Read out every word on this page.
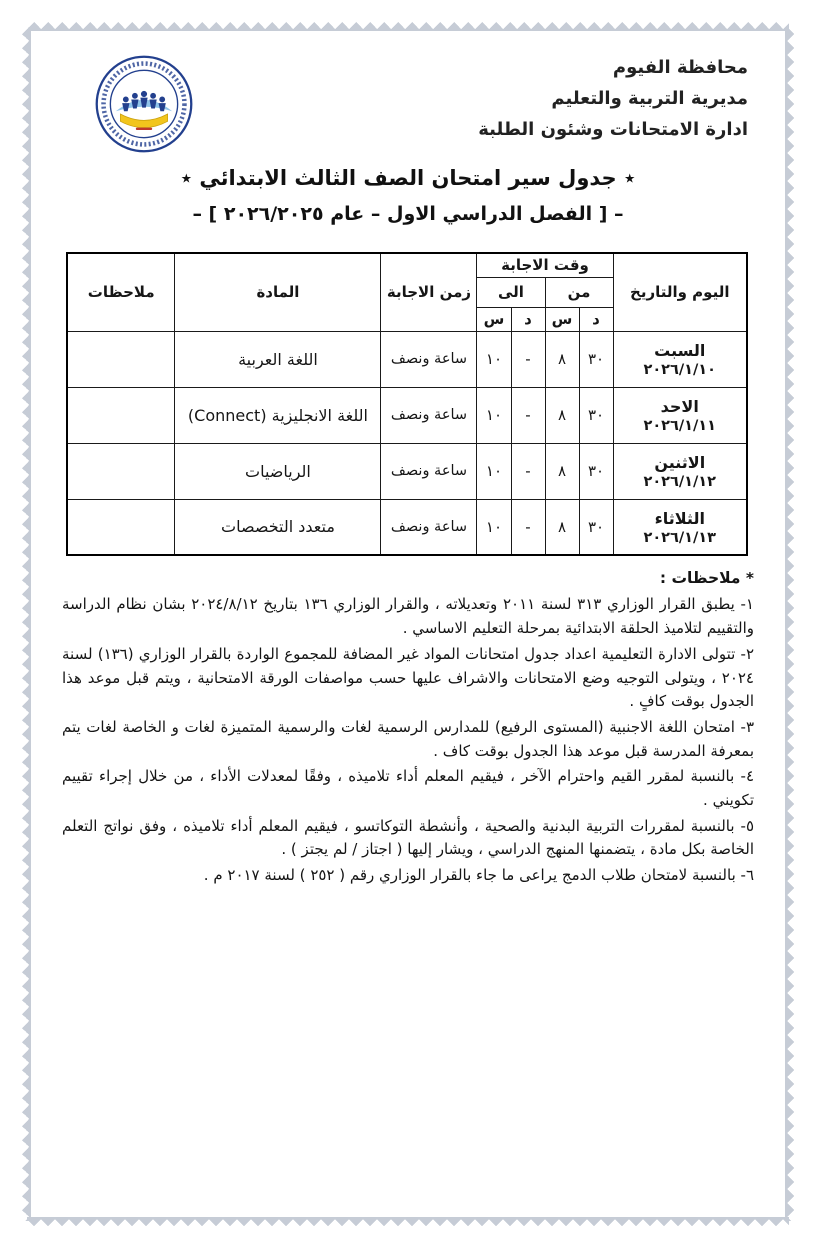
محافظة الفيوم
مديرية التربية والتعليم
ادارة الامتحانات وشئون الطلبة
٭ جدول سير امتحان الصف الثالث الابتدائي ٭
– [ الفصل الدراسي الاول – عام ٢٠٢٦/٢٠٢٥ ] –
اليوم والتاريخ	وقت الاجابة				زمن الاجابة	المادة	ملاحظات
	من		الى				
	د	س	د	س			

السبت
٢٠٢٦/١/١٠	٣٠	٨	-	١٠	ساعة ونصف	اللغة العربية	

الاحد
٢٠٢٦/١/١١	٣٠	٨	-	١٠	ساعة ونصف	اللغة الانجليزية (Connect)	

الاثنين
٢٠٢٦/١/١٢	٣٠	٨	-	١٠	ساعة ونصف	الرياضيات	

الثلاثاء
٢٠٢٦/١/١٣	٣٠	٨	-	١٠	ساعة ونصف	متعدد التخصصات	
* ملاحظات :

١- يطبق القرار الوزاري ٣١٣ لسنة ٢٠١١ وتعديلاته ، والقرار الوزاري ١٣٦ بتاريخ ٢٠٢٤/٨/١٢ بشان نظام الدراسة والتقييم لتلاميذ الحلقة الابتدائية بمرحلة التعليم الاساسي .

٢- تتولى الادارة التعليمية اعداد جدول امتحانات المواد غير المضافة للمجموع الواردة بالقرار الوزاري (١٣٦) لسنة ٢٠٢٤ ، ويتولى التوجيه وضع الامتحانات والاشراف عليها حسب مواصفات الورقة الامتحانية ، ويتم قبل موعد هذا الجدول بوقت كافٍ .

٣- امتحان اللغة الاجنبية (المستوى الرفيع) للمدارس الرسمية لغات والرسمية المتميزة لغات و الخاصة لغات يتم بمعرفة المدرسة قبل موعد هذا الجدول بوقت كاف .

٤- بالنسبة لمقرر القيم واحترام الآخر ، فيقيم المعلم أداء تلاميذه ، وفقًا لمعدلات الأداء ، من خلال إجراء تقييم تكويني .

٥- بالنسبة لمقررات التربية البدنية والصحية ، وأنشطة التوكاتسو ، فيقيم المعلم أداء تلاميذه ، وفق نواتج التعلم الخاصة بكل مادة ، يتضمنها المنهج الدراسي ، ويشار إليها ( اجتاز / لم يجتز ) .

٦- بالنسبة لامتحان طلاب الدمج يراعى ما جاء بالقرار الوزاري رقم ( ٢٥٢ ) لسنة ٢٠١٧ م .
